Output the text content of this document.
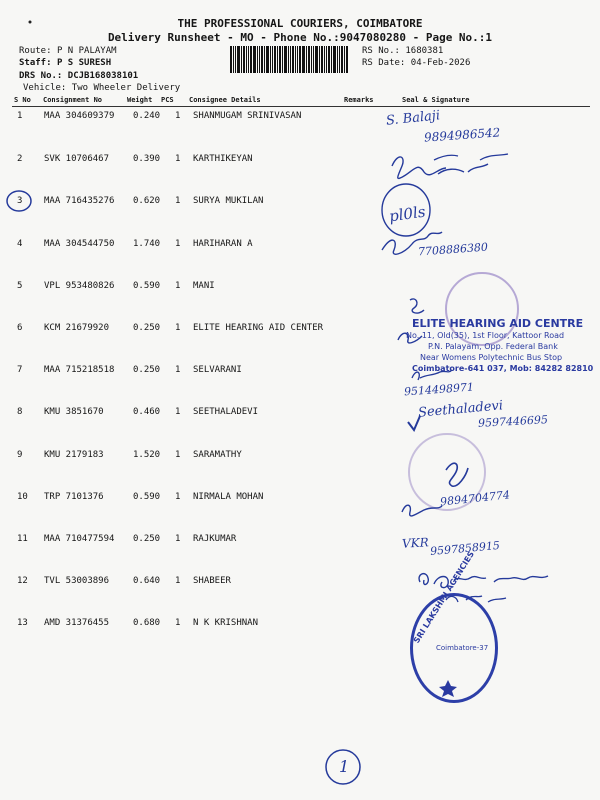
THE PROFESSIONAL COURIERS, COIMBATORE
Delivery Runsheet - MO - Phone No.:9047080280 - Page No.:1
Route: P N PALAYAM
Staff: P S SURESH
DRS No.: DCJB168038101
Vehicle: Two Wheeler Delivery
RS No.: 1680381
RS Date: 04-Feb-2026
S No Consignment No	Weight PCS Consignee Details	Remarks	Seal & Signature
1 MAA 304609379 0.240 1 SHANMUGAM SRINIVASAN
2 SVK 10706467	0.390 1 KARTHIKEYAN
3 MAA 716435276 0.620 1 SURYA MUKILAN
4 MAA 304544750 1.740 1 HARIHARAN A
5 VPL 953480826 0.590 1 MANI
6 KCM 21679920	0.250 1 ELITE HEARING AID CENTER
7 MAA 715218518 0.250 1 SELVARANI
8 KMU 3851670	0.460 1 SEETHALADEVI
9 KMU 2179183	1.520 1 SARAMATHY
10 TRP 7101376	0.590 1 NIRMALA MOHAN
11 MAA 710477594 0.250 1 RAJKUMAR
12 TVL 53003896	0.640 1 SHABEER
13 AMD 31376455	0.680 1 N K KRISHNAN
ELITE HEARING AID CENTRE
No. 11, Old(35), 1st Floor, Kattoor Road
P.N. Palayam, Opp. Federal Bank
Near Womens Polytechnic Bus Stop
Coimbatore-641 037, Mob: 84282 82810
SRI LAKSHMI AGENCIES
Coimbatore-37
S. Balaji
9894986542
pl0ls
7708886380
9514498971
Seethaladevi
9597446695
9894704774
VKR 9597858915
1
